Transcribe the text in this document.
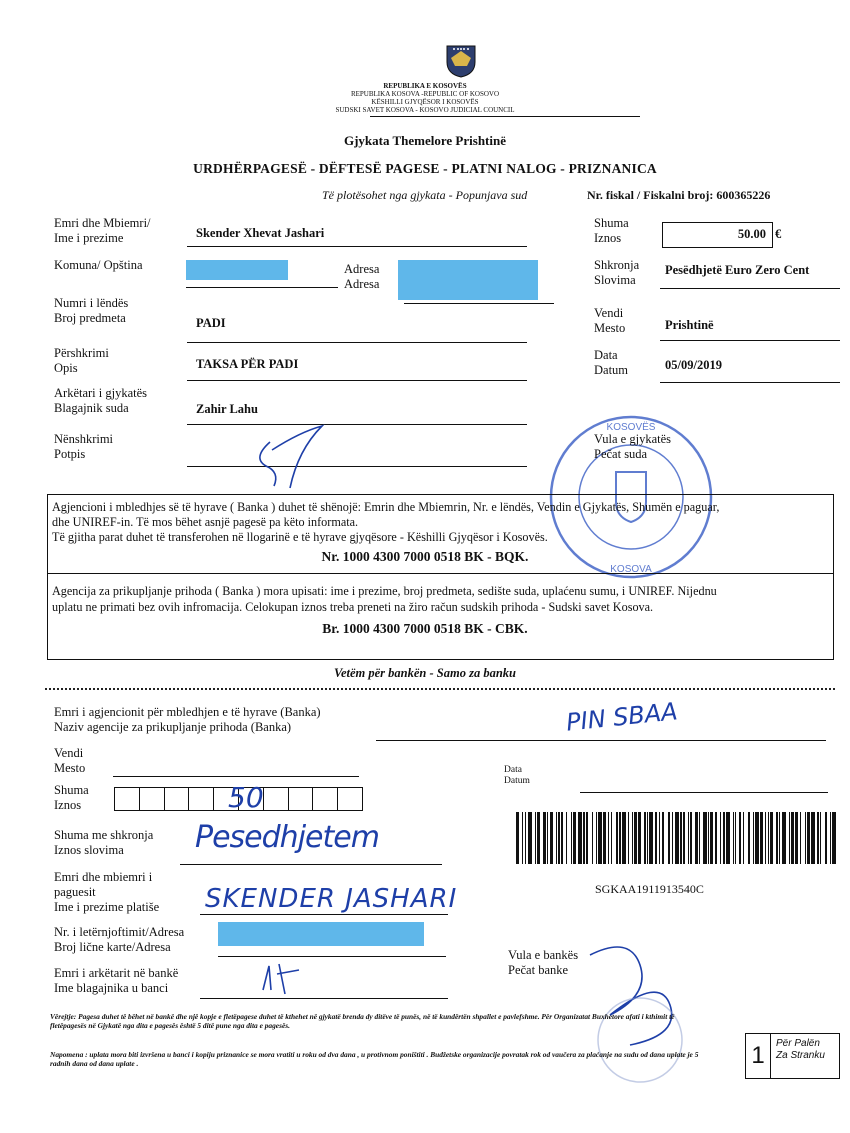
REPUBLIKA E KOSOVËS
REPUBLIKA KOSOVA -REPUBLIC OF KOSOVO
KËSHILLI GJYQËSOR I KOSOVËS
SUDSKI SAVET KOSOVA - KOSOVO JUDICIAL COUNCIL
Gjykata Themelore Prishtinë
URDHËRPAGESË - DËFTESË PAGESE - PLATNI NALOG - PRIZNANICA
Të plotësohet nga gjykata - Popunjava sud	Nr. fiskal / Fiskalni broj: 600365226
Emri dhe Mbiemri/
Ime i prezime	Skender Xhevat Jashari
Shuma
Iznos	50.00 €
Komuna/ Opština	Adresa
Adresa
Shkronja
Slovima
Pesëdhjetë Euro Zero Cent
Numri i lëndës
Broj predmeta	PADI
Vendi
Mesto	Prishtinë
Përshkrimi
Opis	TAKSA PËR PADI
Data
Datum	05/09/2019
Arkëtari i gjykatës
Blagajnik suda	Zahir Lahu
Nënshkrimi
Potpis
KOSOVËS
KOSOVA
Vula e gjykatës
Pečat suda
Agjencioni i mbledhjes së të hyrave ( Banka ) duhet të shënojë: Emrin dhe Mbiemrin, Nr. e lëndës, Vendin e Gjykatës, Shumën e paguar,
dhe UNIREF-in. Të mos bëhet asnjë pagesë pa këto informata.
Të gjitha parat duhet të transferohen në llogarinë e të hyrave gjyqësore - Këshilli Gjyqësor i Kosovës.
Nr. 1000 4300 7000 0518 BK - BQK.
Agencija za prikupljanje prihoda ( Banka ) mora upisati: ime i prezime, broj predmeta, sedište suda, uplaćenu sumu, i UNIREF. Nijednu
uplatu ne primati bez ovih infromacija. Celokupan iznos treba preneti na žiro račun sudskih prihoda - Sudski savet Kosova.
Br. 1000 4300 7000 0518 BK - CBK.
Vetëm për bankën - Samo za banku
Emri i agjencionit për mbledhjen e të hyrave (Banka)
Naziv agencije za prikupljanje prihoda (Banka)	PIN SBAA
Vendi
Mesto	Data
Datum
Shuma
Iznos	50
Shuma me shkronja
Iznos slovima	Pesedhjetem
SGKAA1911913540C
Emri dhe mbiemri i
paguesit
Ime i prezime platiše SKENDER JASHARI
Nr. i letërnjoftimit/Adresa
Broj lične karte/Adresa
Vula e bankës
Pečat banke
Emri i arkëtarit në bankë
Ime blagajnika u banci
Vërejtje: Pagesa duhet të bëhet në bankë dhe një kopje e fletëpagese duhet të kthehet në gjykatë brenda dy ditëve të punës, në të kundërtën shpallet e pavlefshme. Për Organizatat Buxhetore afati i kthimit të fletëpagesës në Gjykatë nga dita e pagesës është 5 ditë pune nga dita e pagesës.
Napomena : uplata mora biti izvršena u banci i kopiju priznanice se mora vratiti u roku od dva dana , u protivnom poništiti . Budžetske organizacije povratak rok od vaučera za plaćanje na sudu od dana uplate je 5 radnih dana od dana uplate .	1	Për Palën
Za Stranku
